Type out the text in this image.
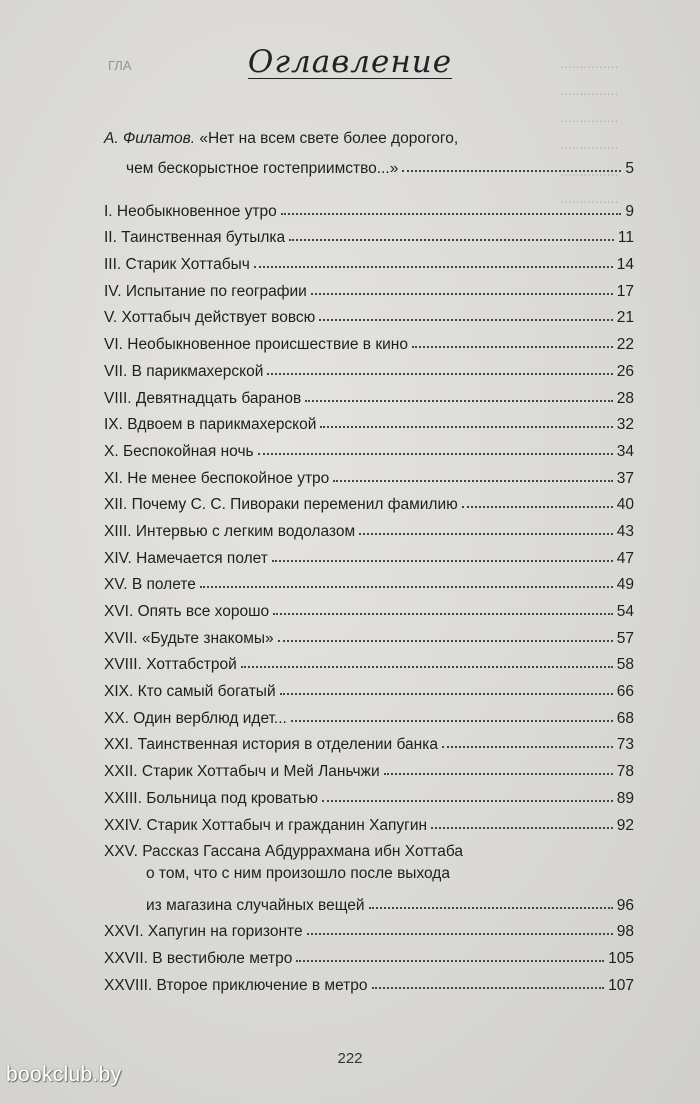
ГЛА	...............
...............
...............
...............
...............
...............
Оглавление
А. Филатов. «Нет на всем свете более дорогого,
чем бескорыстное гостеприимство...»	5
I. Необыкновенное утро	9
II. Таинственная бутылка	11
III. Старик Хоттабыч	14
IV. Испытание по географии	17
V. Хоттабыч действует вовсю	21
VI. Необыкновенное происшествие в кино	22
VII. В парикмахерской	26
VIII. Девятнадцать баранов	28
IX. Вдвоем в парикмахерской	32
X. Беспокойная ночь	34
XI. Не менее беспокойное утро	37
XII. Почему С. С. Пивораки переменил фамилию	40
XIII. Интервью с легким водолазом	43
XIV. Намечается полет	47
XV. В полете	49
XVI. Опять все хорошо	54
XVII. «Будьте знакомы»	57
XVIII. Хоттабстрой	58
XIX. Кто самый богатый	66
XX. Один верблюд идет...	68
XXI. Таинственная история в отделении банка	73
XXII. Старик Хоттабыч и Мей Ланьчжи	78
XXIII. Больница под кроватью	89
XXIV. Старик Хоттабыч и гражданин Хапугин	92
XXV. Рассказ Гассана Абдуррахмана ибн Хоттаба
о том, что с ним произошло после выхода
из магазина случайных вещей	96
XXVI. Хапугин на горизонте	98
XXVII. В вестибюле метро	105
XXVIII. Второе приключение в метро	107
222
bookclub.by
